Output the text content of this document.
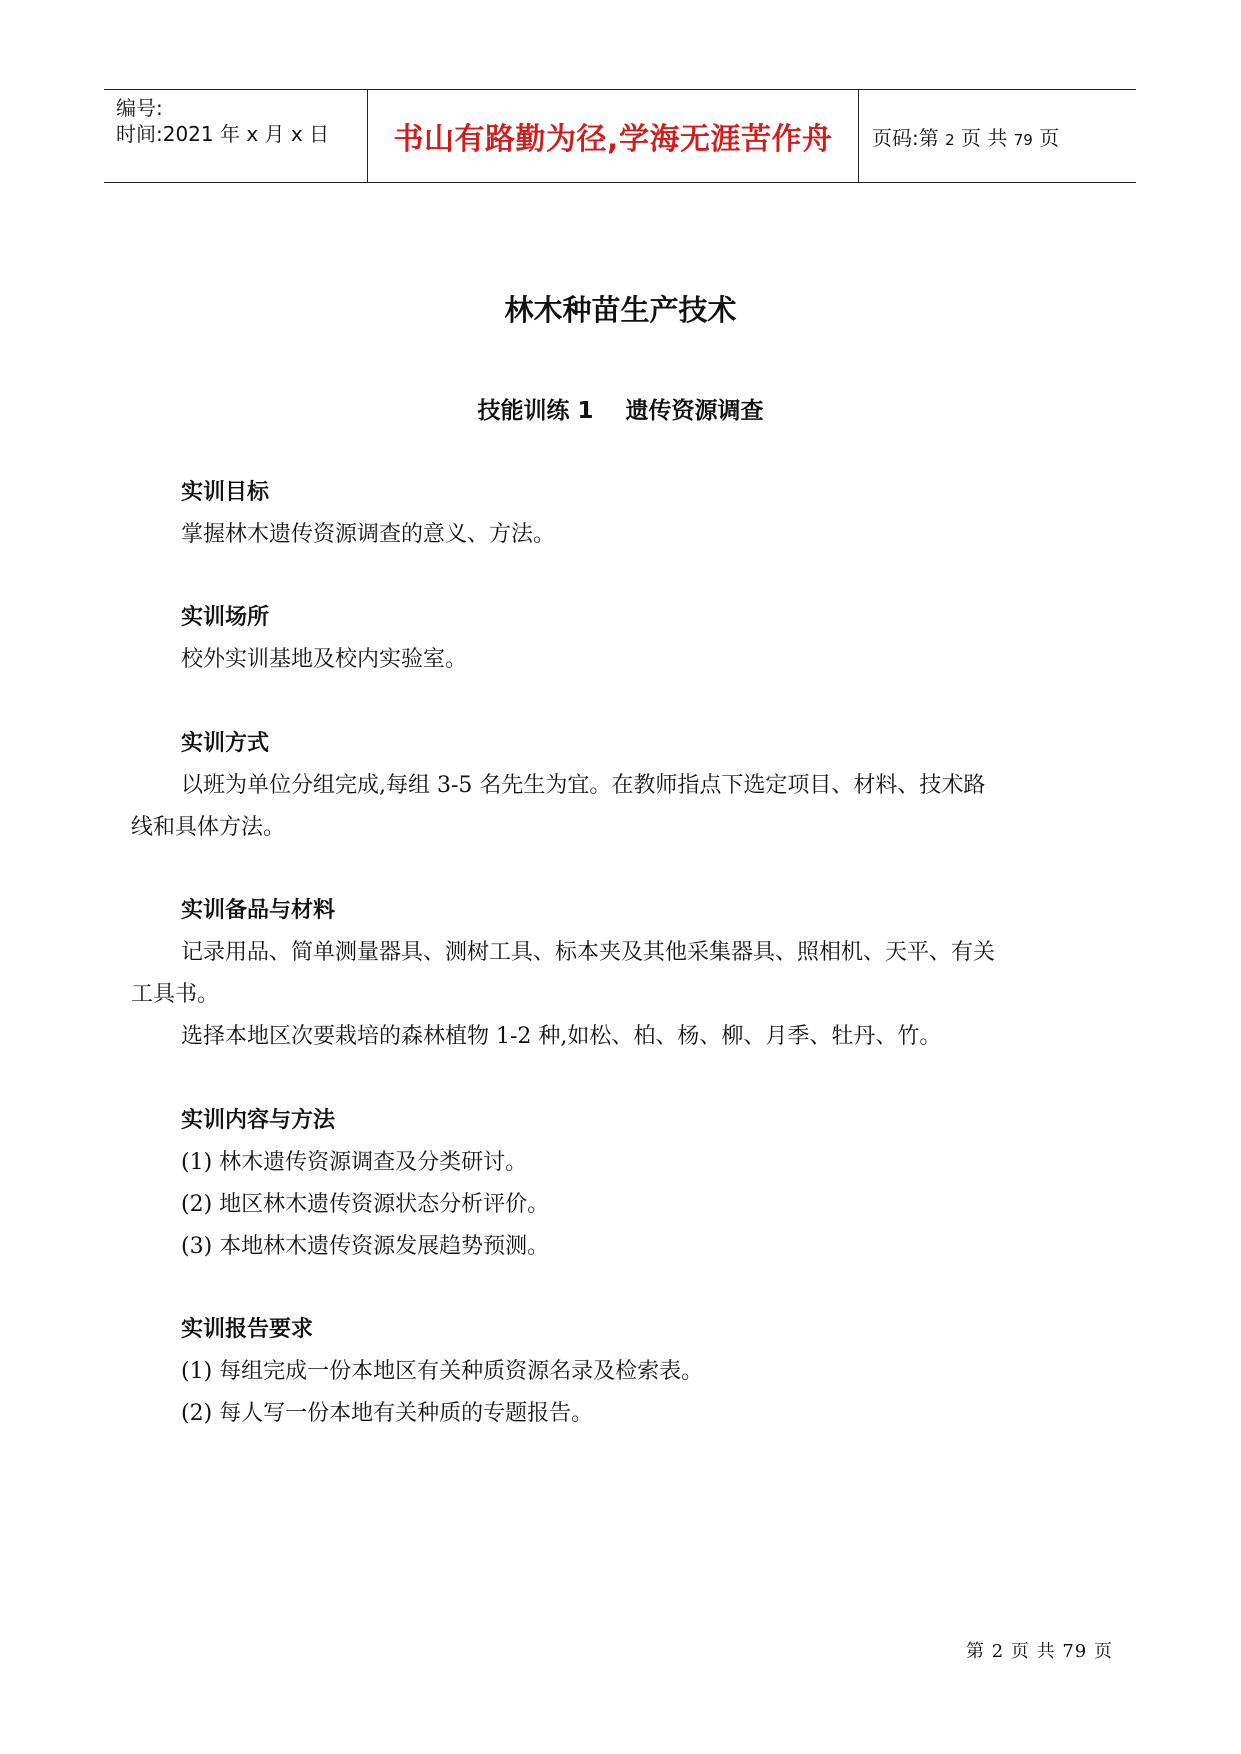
编号:
时间:2021 年 x 月 x 日	书山有路勤为径,学海无涯苦作舟	页码:第 2 页 共 79 页
林木种苗生产技术
技能训练 1    遗传资源调查
实训目标
掌握林木遗传资源调查的意义、方法。
实训场所
校外实训基地及校内实验室。
实训方式
以班为单位分组完成,每组 3-5 名先生为宜。在教师指点下选定项目、材料、技术路
线和具体方法。
实训备品与材料
记录用品、简单测量器具、测树工具、标本夹及其他采集器具、照相机、天平、有关
工具书。
选择本地区次要栽培的森林植物 1-2 种,如松、柏、杨、柳、月季、牡丹、竹。
实训内容与方法
(1) 林木遗传资源调查及分类研讨。
(2) 地区林木遗传资源状态分析评价。
(3) 本地林木遗传资源发展趋势预测。
实训报告要求
(1) 每组完成一份本地区有关种质资源名录及检索表。
(2) 每人写一份本地有关种质的专题报告。
第 2 页 共 79 页
